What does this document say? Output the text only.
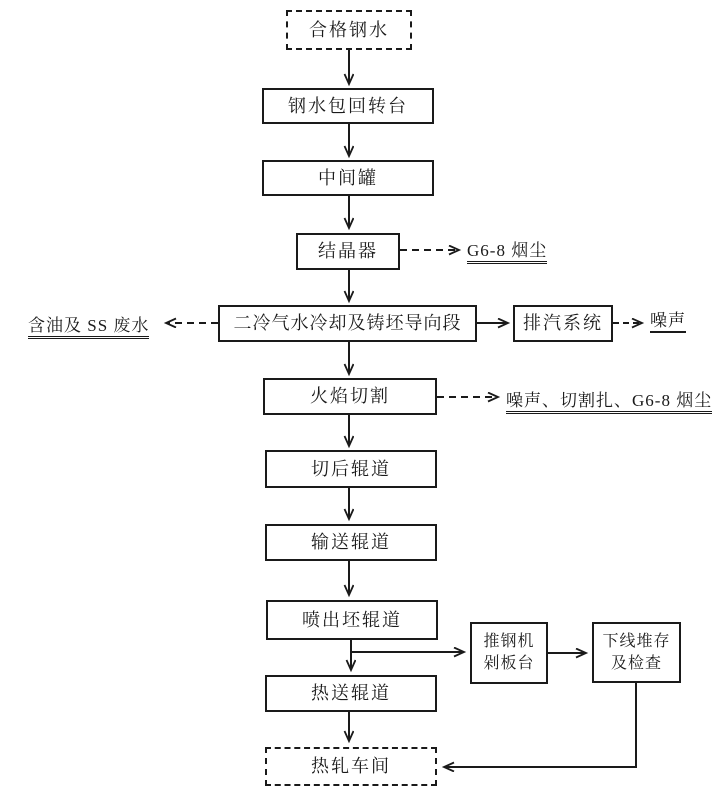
合格钢水
钢水包回转台
中间罐
结晶器
二冷气水冷却及铸坯导向段	排汽系统
火焰切割
切后辊道
输送辊道
喷出坯辊道
推钢机
剁板台
下线堆存
及检查
热送辊道
热轧车间
G6-8 烟尘
含油及 SS 废水	噪声
噪声、切割扎、G6-8 烟尘
